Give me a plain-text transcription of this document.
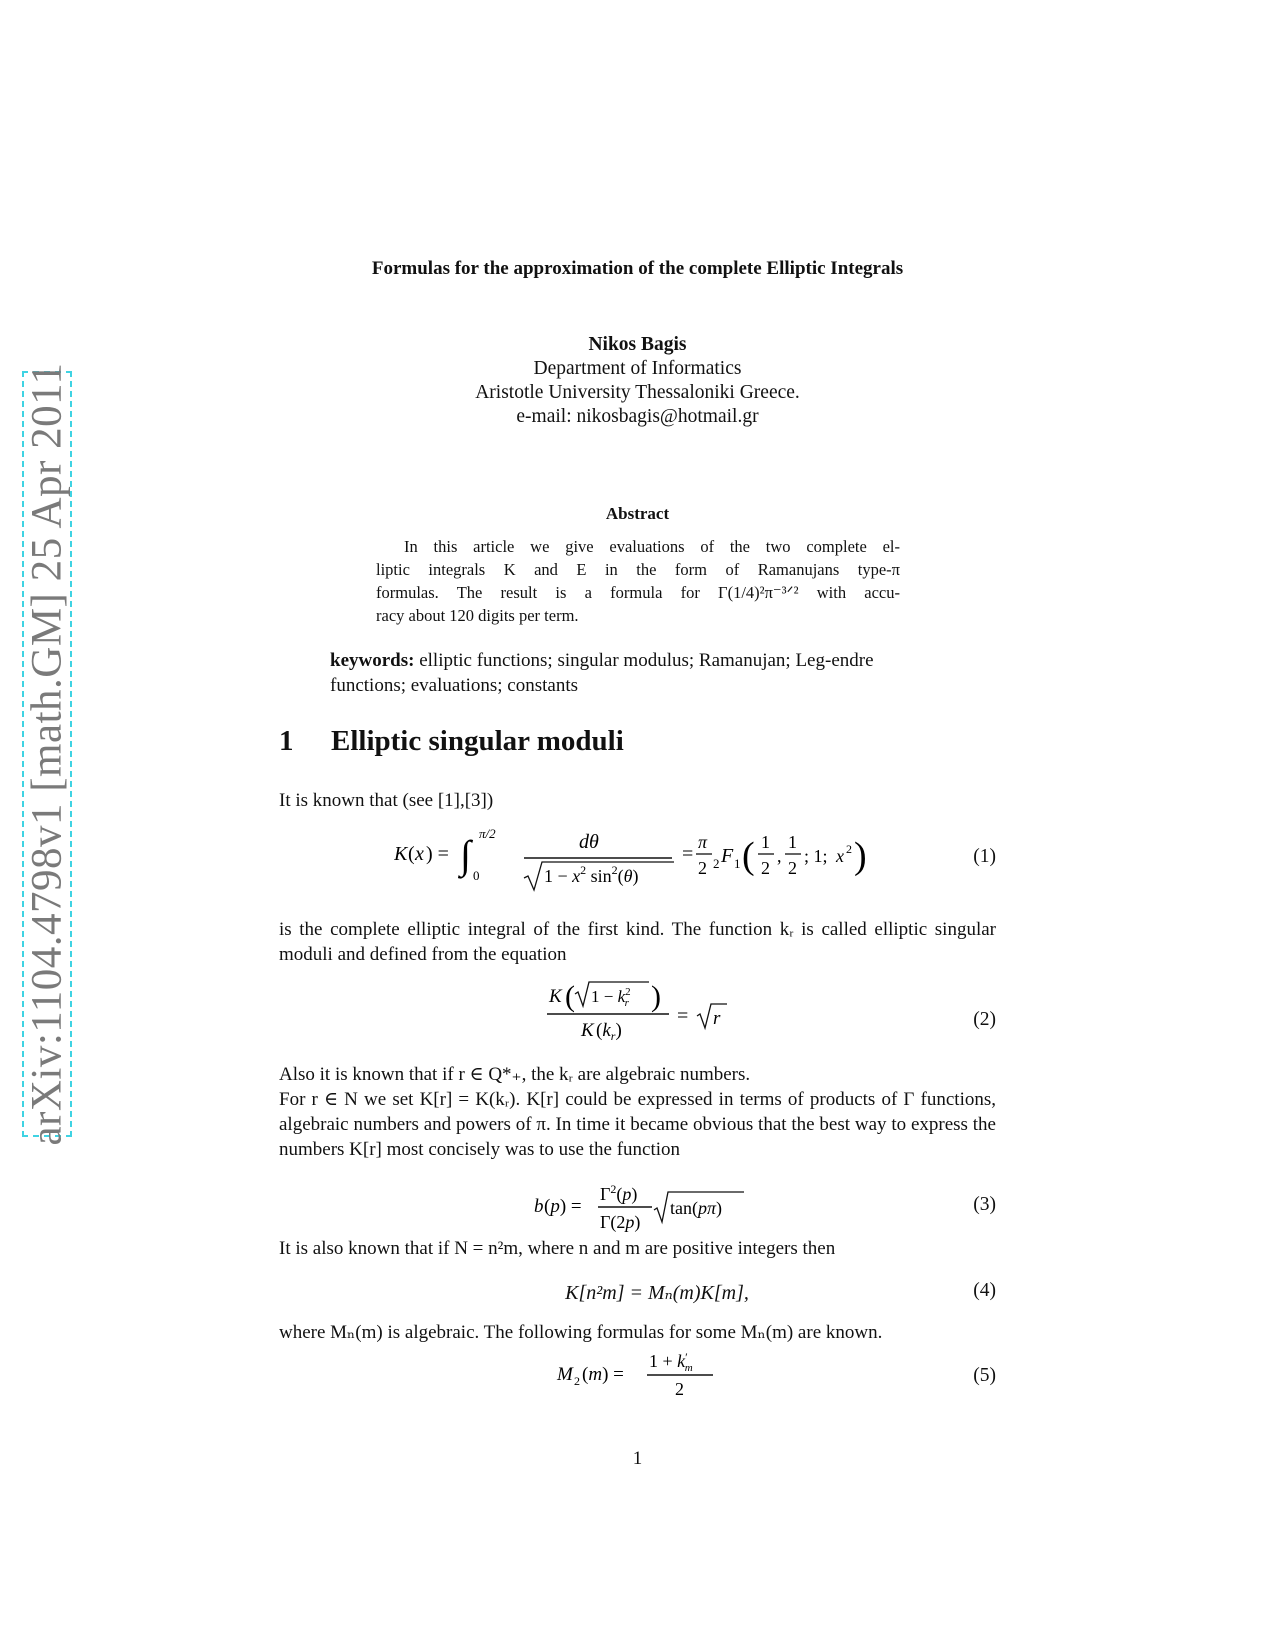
arXiv:1104.4798v1 [math.GM] 25 Apr 2011
Formulas for the approximation of the complete Elliptic Integrals
Nikos Bagis
Department of Informatics
Aristotle University Thessaloniki Greece.
e-mail: nikosbagis@hotmail.gr
Abstract
In this article we give evaluations of the two complete el-
liptic integrals K and E in the form of Ramanujans type-π
formulas. The result is a formula for Γ(1/4)²π⁻³ᐟ² with accu-
racy about 120 digits per term.
keywords: elliptic functions; singular modulus; Ramanujan; Leg-endre functions; evaluations; constants
1 Elliptic singular moduli
It is known that (see [1],[3])
K ( x ) = ∫ π/2
0
dθ
$1 - x^2$ $\sin^2(\theta)$
=
π
2 2 F 1 ( 1
2
,
1
2
; 1; x 2 )	(1)
is the complete elliptic integral of the first kind. The function kᵣ is called elliptic singular moduli and defined from the equation
K ( $1 - k^2$ r )
K $(k_r)$
= r	(2)
Also it is known that if r ∈ Q*₊, the kᵣ are algebraic numbers.
For r ∈ N we set K[r] = K(kᵣ). K[r] could be expressed in terms of products of Γ functions, algebraic numbers and powers of π. In time it became obvious that the best way to express the numbers K[r] most concisely was to use the function
b (p) =
$\Gamma^2(p)$
Γ(2p)
tan(pπ)	(3)
It is also known that if N = n²m, where n and m are positive integers then
K[n²m] = Mₙ(m)K[m],	(4)
where Mₙ(m) is algebraic. The following formulas for some Mₙ(m) are known.
M 2 (m) =
1 + k′ m
2
(5)
1
